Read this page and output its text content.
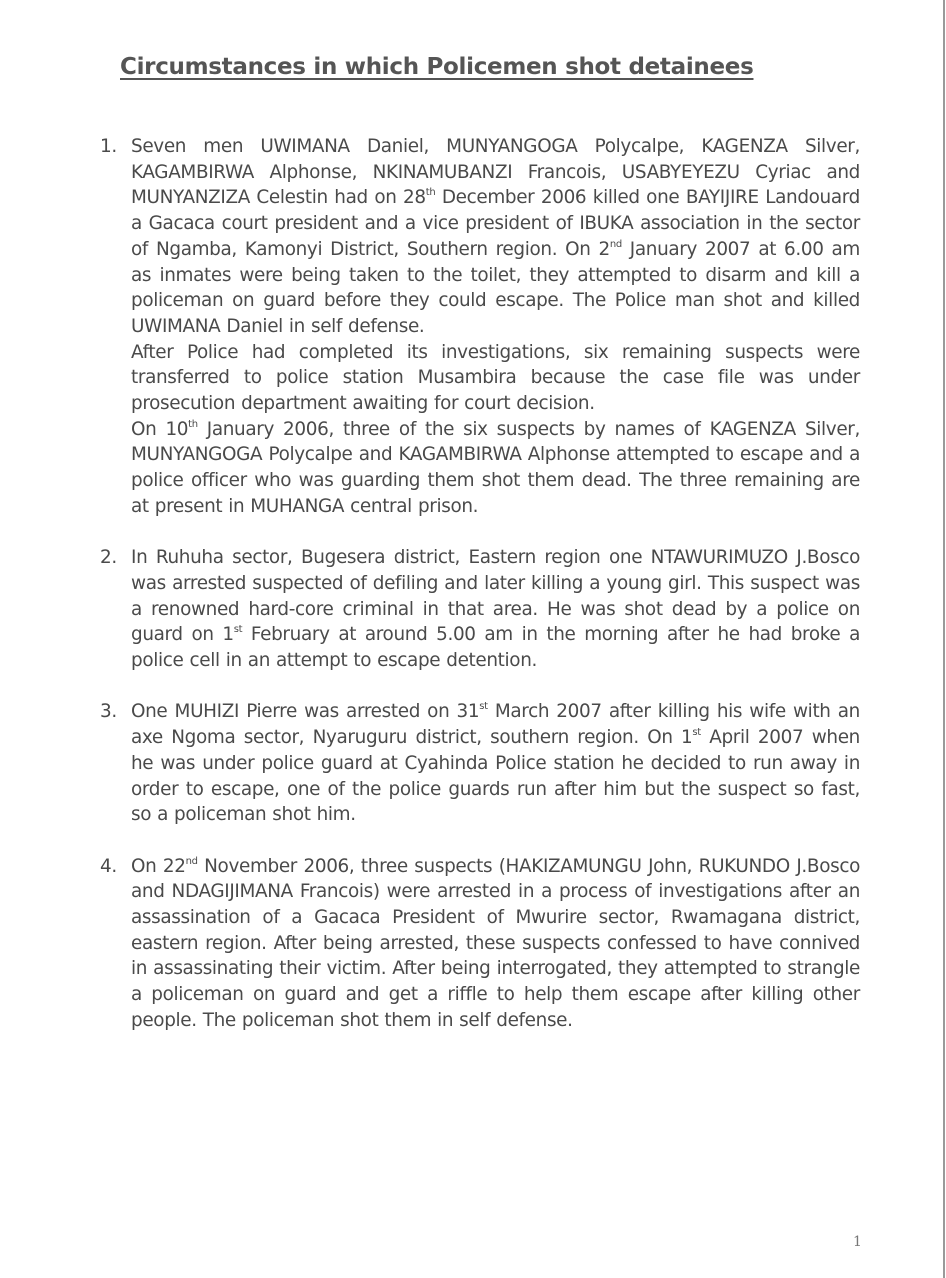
Circumstances in which Policemen shot detainees
1. Seven men UWIMANA Daniel, MUNYANGOGA Polycalpe, KAGENZA Silver, KAGAMBIRWA Alphonse, NKINAMUBANZI Francois, USABYEYEZU Cyriac and MUNYANZIZA Celestin had on 28th December 2006 killed one BAYIJIRE Landouard a Gacaca court president and a vice president of IBUKA association in the sector of Ngamba, Kamonyi District, Southern region. On 2nd January 2007 at 6.00 am as inmates were being taken to the toilet, they attempted to disarm and kill a policeman on guard before they could escape. The Police man shot and killed UWIMANA Daniel in self defense.

After Police had completed its investigations, six remaining suspects were transferred to police station Musambira because the case file was under prosecution department awaiting for court decision.

On 10th January 2006, three of the six suspects by names of KAGENZA Silver, MUNYANGOGA Polycalpe and KAGAMBIRWA Alphonse attempted to escape and a police officer who was guarding them shot them dead. The three remaining are at present in MUHANGA central prison.

2. In Ruhuha sector, Bugesera district, Eastern region one NTAWURIMUZO J.Bosco was arrested suspected of defiling and later killing a young girl. This suspect was a renowned hard-core criminal in that area. He was shot dead by a police on guard on 1st February at around 5.00 am in the morning after he had broke a police cell in an attempt to escape detention.

3. One MUHIZI Pierre was arrested on 31st March 2007 after killing his wife with an axe Ngoma sector, Nyaruguru district, southern region. On 1st April 2007 when he was under police guard at Cyahinda Police station he decided to run away in order to escape, one of the police guards run after him but the suspect so fast, so a policeman shot him.

4. On 22nd November 2006, three suspects (HAKIZAMUNGU John, RUKUNDO J.Bosco and NDAGIJIMANA Francois) were arrested in a process of investigations after an assassination of a Gacaca President of Mwurire sector, Rwamagana district, eastern region. After being arrested, these suspects confessed to have connived in assassinating their victim. After being interrogated, they attempted to strangle a policeman on guard and get a riffle to help them escape after killing other people. The policeman shot them in self defense.

1
